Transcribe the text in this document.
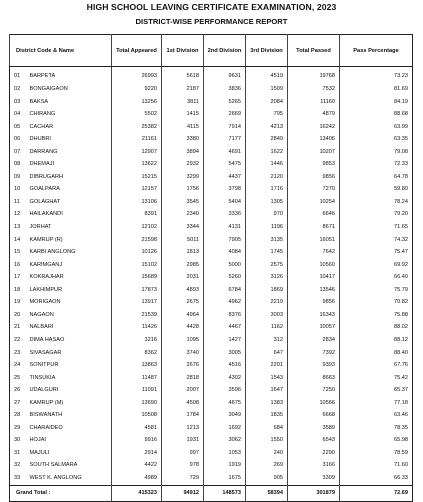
HIGH SCHOOL LEAVING CERTIFICATE EXAMINATION, 2023
DISTRICT-WISE PERFORMANCE REPORT
District Code & Name		Total Appeared	1st Division	2nd Division	3rd Division	Total Passed	Pass Percentage
01	BARPETA	26993	5618	9631	4519	19768	73.23
02	BONGAIGAON	9220	2187	3836	1509	7532	81.69
03	BAKSA	13256	3811	5265	2084	11160	84.19
04	CHIRANG	5502	1415	2669	795	4879	88.68
05	CACHAR	25382	4115	7914	4213	16242	63.99
06	DHUBRI	21161	3380	7177	2849	13406	63.35
07	DARRANG	12907	3894	4691	1622	10207	79.08
08	DHEMAJI	13622	2932	5475	1446	9853	72.33
09	DIBRUGARH	15215	3299	4437	2120	9856	64.78
10	GOALPARA	12157	1756	3798	1716	7270	59.80
11	GOLAGHAT	13106	3545	5404	1305	10254	78.24
12	HAILAKANDI	8391	2340	3336	970	6646	79.20
13	JORHAT	12102	3344	4131	1196	8671	71.65
14	KAMRUP (R)	21598	5011	7905	3135	16051	74.32
15	KARBI ANGLONG	10126	1813	4084	1745	7642	75.47
16	KARIMGANJ	15102	2985	5000	2575	10560	69.92
17	KOKRAJHAR	15689	2031	5260	3126	10417	66.40
18	LAKHIMPUR	17873	4893	6784	1869	13546	75.79
19	MORIGAON	13917	2675	4962	2219	9856	70.82
20	NAGAON	21539	4964	8376	3003	16343	75.88
21	NALBARI	11426	4428	4467	1162	10057	88.02
22	DIMA HASAO	3216	1095	1427	312	2834	88.12
23	SIVASAGAR	8362	3740	3005	647	7392	88.40
24	SONITPUR	13863	2676	4516	2201	9393	67.76
25	TINSUKIA	11487	2818	4302	1543	8663	75.42
26	UDALGURI	11091	2007	3596	1647	7250	65.37
27	KAMRUP (M)	13690	4508	4675	1383	10566	77.18
28	BISWANATH	10508	1784	3049	1835	6668	63.46
29	CHARAIDEO	4581	1213	1692	684	3589	78.35
30	HOJAI	9916	1931	3062	1550	6543	65.98
31	MAJULI	2914	997	1053	240	2290	78.59
32	SOUTH SALMARA	4422	978	1919	269	3166	71.60
33	WEST K. ANGLONG	4989	729	1675	905	3309	66.33
Grand Total :		415323	94912	148573	58394	301879	72.69
